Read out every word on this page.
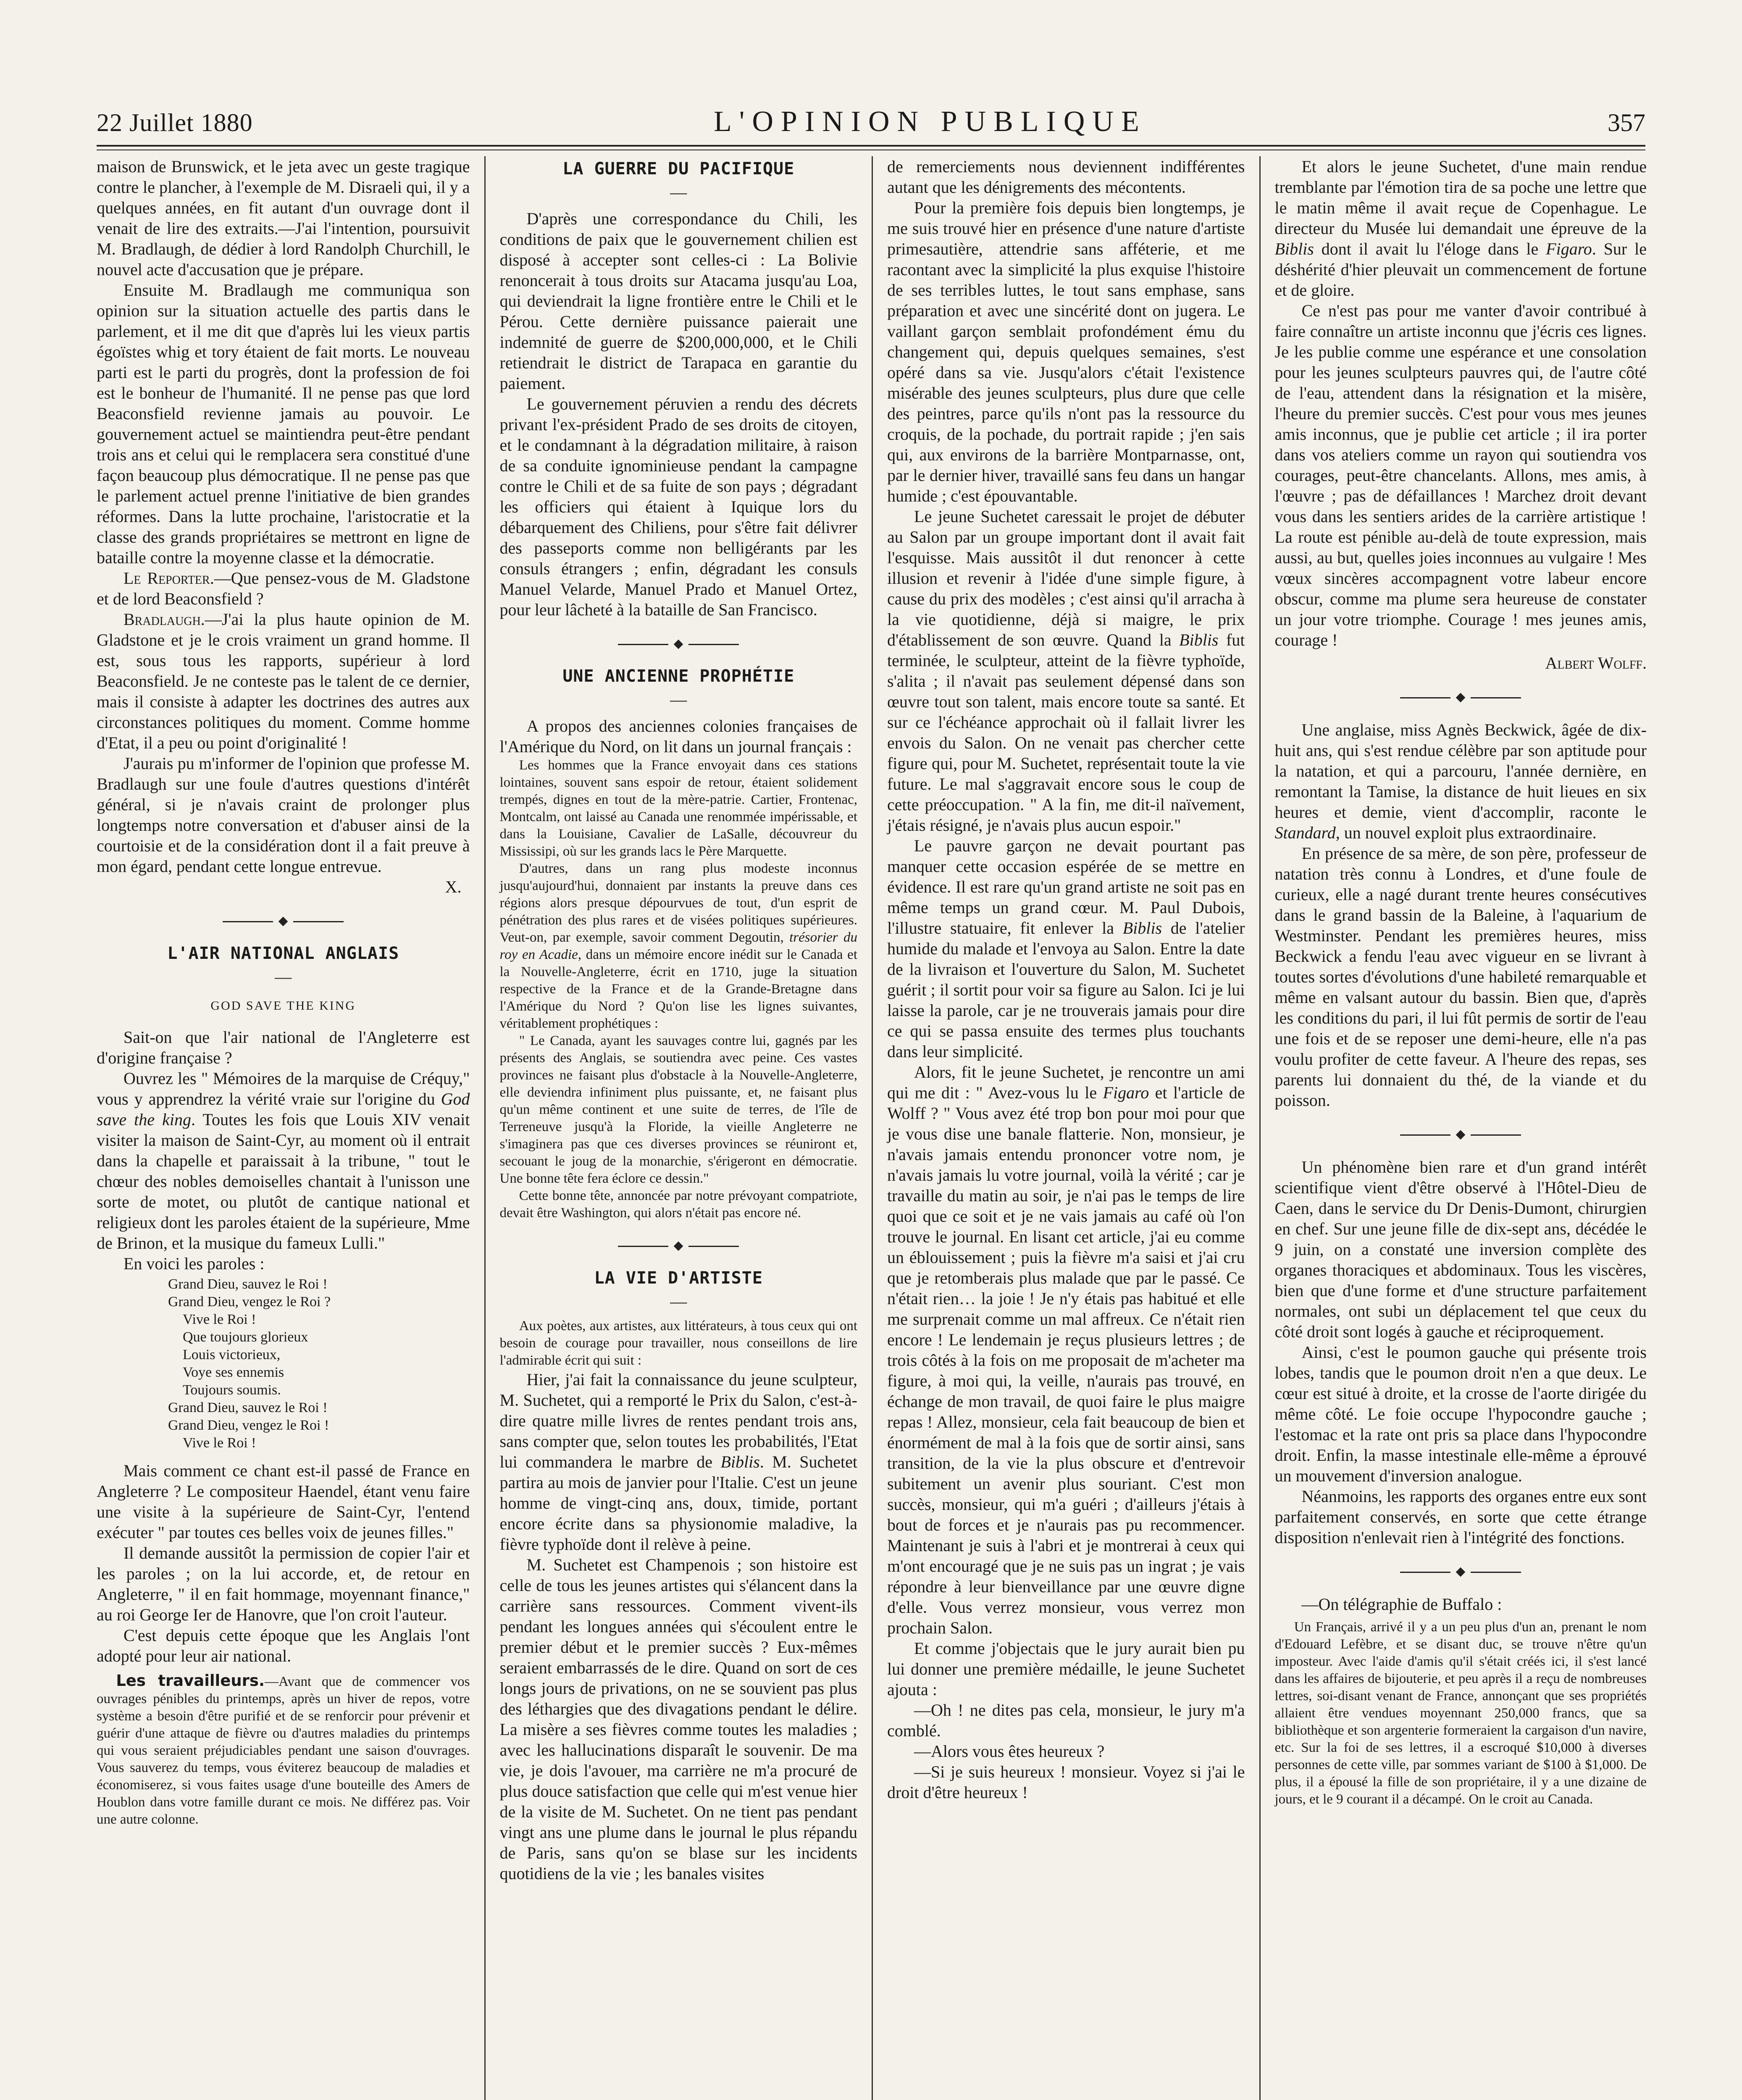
22 Juillet 1880	L'OPINION PUBLIQUE	357

maison de Brunswick, et le jeta avec un geste tragique contre le plancher, à l'exemple de M. Disraeli qui, il y a quelques années, en fit autant d'un ouvrage dont il venait de lire des extraits.—J'ai l'intention, poursuivit M. Bradlaugh, de dédier à lord Randolph Churchill, le nouvel acte d'accusation que je prépare.

Ensuite M. Bradlaugh me communiqua son opinion sur la situation actuelle des partis dans le parlement, et il me dit que d'après lui les vieux partis égoïstes whig et tory étaient de fait morts. Le nouveau parti est le parti du progrès, dont la profession de foi est le bonheur de l'humanité. Il ne pense pas que lord Beaconsfield revienne jamais au pouvoir. Le gouvernement actuel se maintiendra peut-être pendant trois ans et celui qui le remplacera sera constitué d'une façon beaucoup plus démocratique. Il ne pense pas que le parlement actuel prenne l'initiative de bien grandes réformes. Dans la lutte prochaine, l'aristocratie et la classe des grands propriétaires se mettront en ligne de bataille contre la moyenne classe et la démocratie.

Le Reporter.—Que pensez-vous de M. Gladstone et de lord Beaconsfield ?

Bradlaugh.—J'ai la plus haute opinion de M. Gladstone et je le crois vraiment un grand homme. Il est, sous tous les rapports, supérieur à lord Beaconsfield. Je ne conteste pas le talent de ce dernier, mais il consiste à adapter les doctrines des autres aux circonstances politiques du moment. Comme homme d'Etat, il a peu ou point d'originalité !

J'aurais pu m'informer de l'opinion que professe M. Bradlaugh sur une foule d'autres questions d'intérêt général, si je n'avais craint de prolonger plus longtemps notre conversation et d'abuser ainsi de la courtoisie et de la considération dont il a fait preuve à mon égard, pendant cette longue entrevue.

X.

L'AIR NATIONAL ANGLAIS
—
GOD SAVE THE KING

Sait-on que l'air national de l'Angleterre est d'origine française ?

Ouvrez les " Mémoires de la marquise de Créquy," vous y apprendrez la vérité vraie sur l'origine du God save the king. Toutes les fois que Louis XIV venait visiter la maison de Saint-Cyr, au moment où il entrait dans la chapelle et paraissait à la tribune, " tout le chœur des nobles demoiselles chantait à l'unisson une sorte de motet, ou plutôt de cantique national et religieux dont les paroles étaient de la supérieure, Mme de Brinon, et la musique du fameux Lulli."

En voici les paroles :

Grand Dieu, sauvez le Roi !
Grand Dieu, vengez le Roi ?
Vive le Roi !
Que toujours glorieux
Louis victorieux,
Voye ses ennemis
Toujours soumis.
Grand Dieu, sauvez le Roi !
Grand Dieu, vengez le Roi !
Vive le Roi !

Mais comment ce chant est-il passé de France en Angleterre ? Le compositeur Haendel, étant venu faire une visite à la supérieure de Saint-Cyr, l'entend exécuter " par toutes ces belles voix de jeunes filles."

Il demande aussitôt la permission de copier l'air et les paroles ; on la lui accorde, et, de retour en Angleterre, " il en fait hommage, moyennant finance," au roi George Ier de Hanovre, que l'on croit l'auteur.

C'est depuis cette époque que les Anglais l'ont adopté pour leur air national.

Les travailleurs.—Avant que de commencer vos ouvrages pénibles du printemps, après un hiver de repos, votre système a besoin d'être purifié et de se renforcir pour prévenir et guérir d'une attaque de fièvre ou d'autres maladies du printemps qui vous seraient préjudiciables pendant une saison d'ouvrages. Vous sauverez du temps, vous éviterez beaucoup de maladies et économiserez, si vous faites usage d'une bouteille des Amers de Houblon dans votre famille durant ce mois. Ne différez pas. Voir une autre colonne.

LA GUERRE DU PACIFIQUE
—

D'après une correspondance du Chili, les conditions de paix que le gouvernement chilien est disposé à accepter sont celles-ci : La Bolivie renoncerait à tous droits sur Atacama jusqu'au Loa, qui deviendrait la ligne frontière entre le Chili et le Pérou. Cette dernière puissance paierait une indemnité de guerre de $200,000,000, et le Chili retiendrait le district de Tarapaca en garantie du paiement.

Le gouvernement péruvien a rendu des décrets privant l'ex-président Prado de ses droits de citoyen, et le condamnant à la dégradation militaire, à raison de sa conduite ignominieuse pendant la campagne contre le Chili et de sa fuite de son pays ; dégradant les officiers qui étaient à Iquique lors du débarquement des Chiliens, pour s'être fait délivrer des passeports comme non belligérants par les consuls étrangers ; enfin, dégradant les consuls Manuel Velarde, Manuel Prado et Manuel Ortez, pour leur lâcheté à la bataille de San Francisco.

UNE ANCIENNE PROPHÉTIE
—

A propos des anciennes colonies françaises de l'Amérique du Nord, on lit dans un journal français :

Les hommes que la France envoyait dans ces stations lointaines, souvent sans espoir de retour, étaient solidement trempés, dignes en tout de la mère-patrie. Cartier, Frontenac, Montcalm, ont laissé au Canada une renommée impérissable, et dans la Louisiane, Cavalier de LaSalle, découvreur du Mississipi, où sur les grands lacs le Père Marquette.

D'autres, dans un rang plus modeste inconnus jusqu'aujourd'hui, donnaient par instants la preuve dans ces régions alors presque dépourvues de tout, d'un esprit de pénétration des plus rares et de visées politiques supérieures. Veut-on, par exemple, savoir comment Degoutin, trésorier du roy en Acadie, dans un mémoire encore inédit sur le Canada et la Nouvelle-Angleterre, écrit en 1710, juge la situation respective de la France et de la Grande-Bretagne dans l'Amérique du Nord ? Qu'on lise les lignes suivantes, véritablement prophétiques :

" Le Canada, ayant les sauvages contre lui, gagnés par les présents des Anglais, se soutiendra avec peine. Ces vastes provinces ne faisant plus d'obstacle à la Nouvelle-Angleterre, elle deviendra infiniment plus puissante, et, ne faisant plus qu'un même continent et une suite de terres, de l'île de Terreneuve jusqu'à la Floride, la vieille Angleterre ne s'imaginera pas que ces diverses provinces se réuniront et, secouant le joug de la monarchie, s'érigeront en démocratie. Une bonne tête fera éclore ce dessin."

Cette bonne tête, annoncée par notre prévoyant compatriote, devait être Washington, qui alors n'était pas encore né.

LA VIE D'ARTISTE
—

Aux poètes, aux artistes, aux littérateurs, à tous ceux qui ont besoin de courage pour travailler, nous conseillons de lire l'admirable écrit qui suit :

Hier, j'ai fait la connaissance du jeune sculpteur, M. Suchetet, qui a remporté le Prix du Salon, c'est-à-dire quatre mille livres de rentes pendant trois ans, sans compter que, selon toutes les probabilités, l'Etat lui commandera le marbre de Biblis. M. Suchetet partira au mois de janvier pour l'Italie. C'est un jeune homme de vingt-cinq ans, doux, timide, portant encore écrite dans sa physionomie maladive, la fièvre typhoïde dont il relève à peine.

M. Suchetet est Champenois ; son histoire est celle de tous les jeunes artistes qui s'élancent dans la carrière sans ressources. Comment vivent-ils pendant les longues années qui s'écoulent entre le premier début et le premier succès ? Eux-mêmes seraient embarrassés de le dire. Quand on sort de ces longs jours de privations, on ne se souvient pas plus des léthargies que des divagations pendant le délire. La misère a ses fièvres comme toutes les maladies ; avec les hallucinations disparaît le souvenir. De ma vie, je dois l'avouer, ma carrière ne m'a procuré de plus douce satisfaction que celle qui m'est venue hier de la visite de M. Suchetet. On ne tient pas pendant vingt ans une plume dans le journal le plus répandu de Paris, sans qu'on se blase sur les incidents quotidiens de la vie ; les banales visites

de remerciements nous deviennent indifférentes autant que les dénigrements des mécontents.

Pour la première fois depuis bien longtemps, je me suis trouvé hier en présence d'une nature d'artiste primesautière, attendrie sans afféterie, et me racontant avec la simplicité la plus exquise l'histoire de ses terribles luttes, le tout sans emphase, sans préparation et avec une sincérité dont on jugera. Le vaillant garçon semblait profondément ému du changement qui, depuis quelques semaines, s'est opéré dans sa vie. Jusqu'alors c'était l'existence misérable des jeunes sculpteurs, plus dure que celle des peintres, parce qu'ils n'ont pas la ressource du croquis, de la pochade, du portrait rapide ; j'en sais qui, aux environs de la barrière Montparnasse, ont, par le dernier hiver, travaillé sans feu dans un hangar humide ; c'est épouvantable.

Le jeune Suchetet caressait le projet de débuter au Salon par un groupe important dont il avait fait l'esquisse. Mais aussitôt il dut renoncer à cette illusion et revenir à l'idée d'une simple figure, à cause du prix des modèles ; c'est ainsi qu'il arracha à la vie quotidienne, déjà si maigre, le prix d'établissement de son œuvre. Quand la Biblis fut terminée, le sculpteur, atteint de la fièvre typhoïde, s'alita ; il n'avait pas seulement dépensé dans son œuvre tout son talent, mais encore toute sa santé. Et sur ce l'échéance approchait où il fallait livrer les envois du Salon. On ne venait pas chercher cette figure qui, pour M. Suchetet, représentait toute la vie future. Le mal s'aggravait encore sous le coup de cette préoccupation. " A la fin, me dit-il naïvement, j'étais résigné, je n'avais plus aucun espoir."

Le pauvre garçon ne devait pourtant pas manquer cette occasion espérée de se mettre en évidence. Il est rare qu'un grand artiste ne soit pas en même temps un grand cœur. M. Paul Dubois, l'illustre statuaire, fit enlever la Biblis de l'atelier humide du malade et l'envoya au Salon. Entre la date de la livraison et l'ouverture du Salon, M. Suchetet guérit ; il sortit pour voir sa figure au Salon. Ici je lui laisse la parole, car je ne trouverais jamais pour dire ce qui se passa ensuite des termes plus touchants dans leur simplicité.

Alors, fit le jeune Suchetet, je rencontre un ami qui me dit : " Avez-vous lu le Figaro et l'article de Wolff ? " Vous avez été trop bon pour moi pour que je vous dise une banale flatterie. Non, monsieur, je n'avais jamais entendu prononcer votre nom, je n'avais jamais lu votre journal, voilà la vérité ; car je travaille du matin au soir, je n'ai pas le temps de lire quoi que ce soit et je ne vais jamais au café où l'on trouve le journal. En lisant cet article, j'ai eu comme un éblouissement ; puis la fièvre m'a saisi et j'ai cru que je retomberais plus malade que par le passé. Ce n'était rien… la joie ! Je n'y étais pas habitué et elle me surprenait comme un mal affreux. Ce n'était rien encore ! Le lendemain je reçus plusieurs lettres ; de trois côtés à la fois on me proposait de m'acheter ma figure, à moi qui, la veille, n'aurais pas trouvé, en échange de mon travail, de quoi faire le plus maigre repas ! Allez, monsieur, cela fait beaucoup de bien et énormément de mal à la fois que de sortir ainsi, sans transition, de la vie la plus obscure et d'entrevoir subitement un avenir plus souriant. C'est mon succès, monsieur, qui m'a guéri ; d'ailleurs j'étais à bout de forces et je n'aurais pas pu recommencer. Maintenant je suis à l'abri et je montrerai à ceux qui m'ont encouragé que je ne suis pas un ingrat ; je vais répondre à leur bienveillance par une œuvre digne d'elle. Vous verrez monsieur, vous verrez mon prochain Salon.

Et comme j'objectais que le jury aurait bien pu lui donner une première médaille, le jeune Suchetet ajouta :

—Oh ! ne dites pas cela, monsieur, le jury m'a comblé.

—Alors vous êtes heureux ?

—Si je suis heureux ! monsieur. Voyez si j'ai le droit d'être heureux !

Et alors le jeune Suchetet, d'une main rendue tremblante par l'émotion tira de sa poche une lettre que le matin même il avait reçue de Copenhague. Le directeur du Musée lui demandait une épreuve de la Biblis dont il avait lu l'éloge dans le Figaro. Sur le déshérité d'hier pleuvait un commencement de fortune et de gloire.

Ce n'est pas pour me vanter d'avoir contribué à faire connaître un artiste inconnu que j'écris ces lignes. Je les publie comme une espérance et une consolation pour les jeunes sculpteurs pauvres qui, de l'autre côté de l'eau, attendent dans la résignation et la misère, l'heure du premier succès. C'est pour vous mes jeunes amis inconnus, que je publie cet article ; il ira porter dans vos ateliers comme un rayon qui soutiendra vos courages, peut-être chancelants. Allons, mes amis, à l'œuvre ; pas de défaillances ! Marchez droit devant vous dans les sentiers arides de la carrière artistique ! La route est pénible au-delà de toute expression, mais aussi, au but, quelles joies inconnues au vulgaire ! Mes vœux sincères accompagnent votre labeur encore obscur, comme ma plume sera heureuse de constater un jour votre triomphe. Courage ! mes jeunes amis, courage !

Albert Wolff.

Une anglaise, miss Agnès Beckwick, âgée de dix-huit ans, qui s'est rendue célèbre par son aptitude pour la natation, et qui a parcouru, l'année dernière, en remontant la Tamise, la distance de huit lieues en six heures et demie, vient d'accomplir, raconte le Standard, un nouvel exploit plus extraordinaire.

En présence de sa mère, de son père, professeur de natation très connu à Londres, et d'une foule de curieux, elle a nagé durant trente heures consécutives dans le grand bassin de la Baleine, à l'aquarium de Westminster. Pendant les premières heures, miss Beckwick a fendu l'eau avec vigueur en se livrant à toutes sortes d'évolutions d'une habileté remarquable et même en valsant autour du bassin. Bien que, d'après les conditions du pari, il lui fût permis de sortir de l'eau une fois et de se reposer une demi-heure, elle n'a pas voulu profiter de cette faveur. A l'heure des repas, ses parents lui donnaient du thé, de la viande et du poisson.

Un phénomène bien rare et d'un grand intérêt scientifique vient d'être observé à l'Hôtel-Dieu de Caen, dans le service du Dr Denis-Dumont, chirurgien en chef. Sur une jeune fille de dix-sept ans, décédée le 9 juin, on a constaté une inversion complète des organes thoraciques et abdominaux. Tous les viscères, bien que d'une forme et d'une structure parfaitement normales, ont subi un déplacement tel que ceux du côté droit sont logés à gauche et réciproquement.

Ainsi, c'est le poumon gauche qui présente trois lobes, tandis que le poumon droit n'en a que deux. Le cœur est situé à droite, et la crosse de l'aorte dirigée du même côté. Le foie occupe l'hypocondre gauche ; l'estomac et la rate ont pris sa place dans l'hypocondre droit. Enfin, la masse intestinale elle-même a éprouvé un mouvement d'inversion analogue.

Néanmoins, les rapports des organes entre eux sont parfaitement conservés, en sorte que cette étrange disposition n'enlevait rien à l'intégrité des fonctions.

—On télégraphie de Buffalo :

Un Français, arrivé il y a un peu plus d'un an, prenant le nom d'Edouard Lefèbre, et se disant duc, se trouve n'être qu'un imposteur. Avec l'aide d'amis qu'il s'était créés ici, il s'est lancé dans les affaires de bijouterie, et peu après il a reçu de nombreuses lettres, soi-disant venant de France, annonçant que ses propriétés allaient être vendues moyennant 250,000 francs, que sa bibliothèque et son argenterie formeraient la cargaison d'un navire, etc. Sur la foi de ses lettres, il a escroqué $10,000 à diverses personnes de cette ville, par sommes variant de $100 à $1,000. De plus, il a épousé la fille de son propriétaire, il y a une dizaine de jours, et le 9 courant il a décampé. On le croit au Canada.
